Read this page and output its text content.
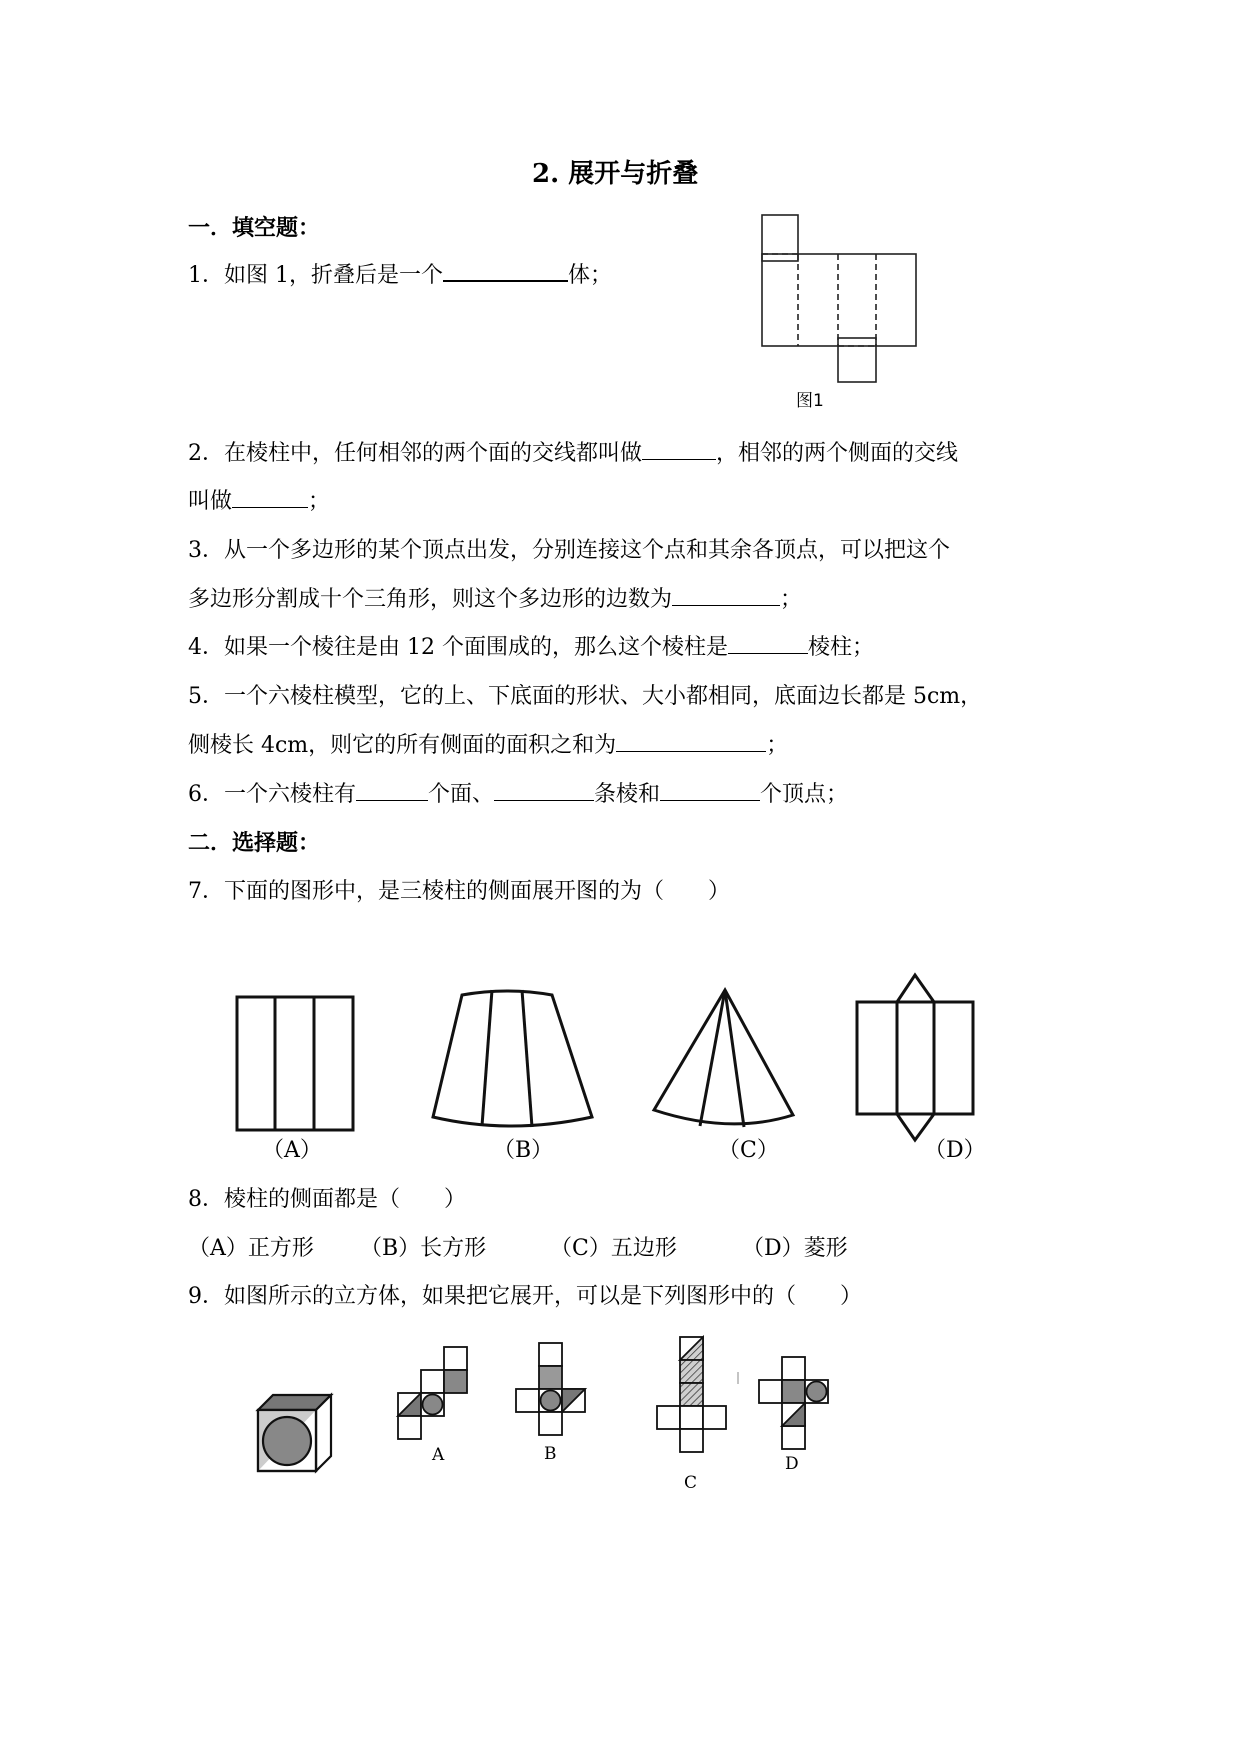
2. 展开与折叠
一．填空题：
1．如图 1，折叠后是一个	体；
图1
2．在棱柱中，任何相邻的两个面的交线都叫做	，相邻的两个侧面的交线
叫做	；
3．从一个多边形的某个顶点出发，分别连接这个点和其余各顶点，可以把这个
多边形分割成十个三角形，则这个多边形的边数为	；
4．如果一个棱往是由 12 个面围成的，那么这个棱柱是	棱柱；
5．一个六棱柱模型，它的上、下底面的形状、大小都相同，底面边长都是 5cm，
侧棱长 4cm，则它的所有侧面的面积之和为	；
6．一个六棱柱有	个面、	条棱和	个顶点；
二．选择题：
7．下面的图形中，是三棱柱的侧面展开图的为（　　）
（A）	（B）	（C）	（D）
8．棱柱的侧面都是（　　）
（A）正方形 （B）长方形	（C）五边形	（D）菱形
9．如图所示的立方体，如果把它展开，可以是下列图形中的（　　）
A	B
C
D
